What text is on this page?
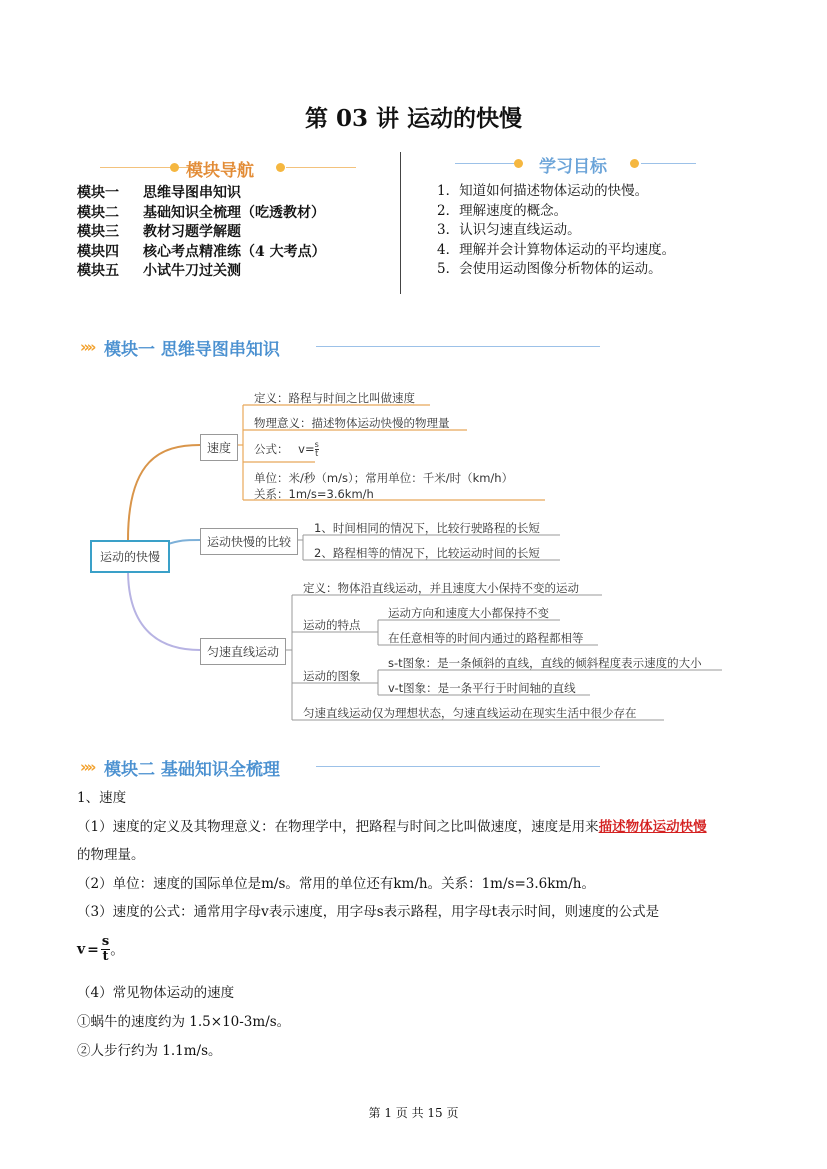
第 03 讲 运动的快慢
模块导航
模块一 思维导图串知识
模块二 基础知识全梳理（吃透教材）
模块三 教材习题学解题
模块四 核心考点精准练（4 大考点）
模块五 小试牛刀过关测
学习目标
1．知道如何描述物体运动的快慢。
2．理解速度的概念。
3．认识匀速直线运动。
4．理解并会计算物体运动的平均速度。
5．会使用运动图像分析物体的运动。
»» 模块一 思维导图串知识
运动的快慢
速度
定义：路程与时间之比叫做速度
物理意义：描述物体运动快慢的物理量
公式： $v= \frac{s}{t}$
单位：米/秒（m/s）；常用单位：千米/时（km/h）
关系：1m/s=3.6km/h
运动快慢的比较
1、时间相同的情况下，比较行驶路程的长短
2、路程相等的情况下，比较运动时间的长短
匀速直线运动
定义：物体沿直线运动，并且速度大小保持不变的运动
运动的特点
运动方向和速度大小都保持不变
在任意相等的时间内通过的路程都相等
运动的图象
s-t图象：是一条倾斜的直线，直线的倾斜程度表示速度的大小
v-t图象：是一条平行于时间轴的直线
匀速直线运动仅为理想状态，匀速直线运动在现实生活中很少存在
»» 模块二 基础知识全梳理
1、速度
（1）速度的定义及其物理意义：在物理学中，把路程与时间之比叫做速度，速度是用来描述物体运动快慢
的物理量。
（2）单位：速度的国际单位是m/s。常用的单位还有km/h。关系：1m/s=3.6km/h。
（3）速度的公式：通常用字母v表示速度，用字母s表示路程，用字母t表示时间，则速度的公式是
$v = \frac{s}{t}$ 。
（4）常见物体运动的速度
①蜗牛的速度约为 1.5×10-3m/s。
②人步行约为 1.1m/s。
第 1 页 共 15 页
